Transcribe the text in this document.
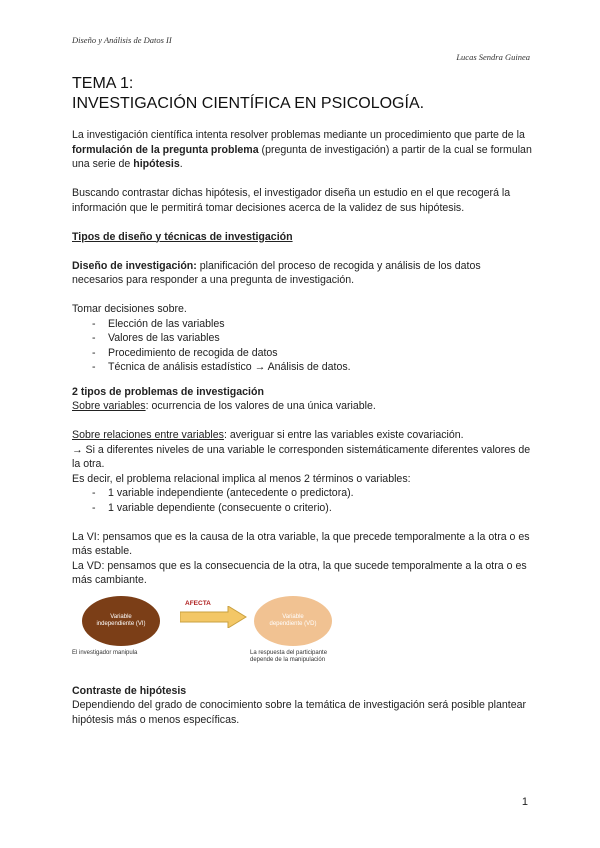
Diseño y Análisis de Datos II
Lucas Sendra Guinea
TEMA 1:
INVESTIGACIÓN CIENTÍFICA EN PSICOLOGÍA.

La investigación científica intenta resolver problemas mediante un procedimiento que parte de la formulación de la pregunta problema (pregunta de investigación) a partir de la cual se formulan una serie de hipótesis.

Buscando contrastar dichas hipótesis, el investigador diseña un estudio en el que recogerá la información que le permitirá tomar decisiones acerca de la validez de sus hipótesis.

Tipos de diseño y técnicas de investigación

Diseño de investigación: planificación del proceso de recogida y análisis de los datos necesarios para responder a una pregunta de investigación.

Tomar decisiones sobre.

- Elección de las variables
- Valores de las variables
- Procedimiento de recogida de datos
- Técnica de análisis estadístico → Análisis de datos.

2 tipos de problemas de investigación

Sobre variables: ocurrencia de los valores de una única variable.

Sobre relaciones entre variables: averiguar si entre las variables existe covariación.

→ Si a diferentes niveles de una variable le corresponden sistemáticamente diferentes valores de la otra.

Es decir, el problema relacional implica al menos 2 términos o variables:

- 1 variable independiente (antecedente o predictora).
- 1 variable dependiente (consecuente o criterio).

La VI: pensamos que es la causa de la otra variable, la que precede temporalmente a la otra o es más estable.

La VD: pensamos que es la consecuencia de la otra, la que sucede temporalmente a la otra o es más cambiante.

Variable independiente (VI)
AFECTA
Variable dependiente (VD)
El investigador manipula	La respuesta del participante depende de la manipulación

Contraste de hipótesis

Dependiendo del grado de conocimiento sobre la temática de investigación será posible plantear hipótesis más o menos específicas.

1
